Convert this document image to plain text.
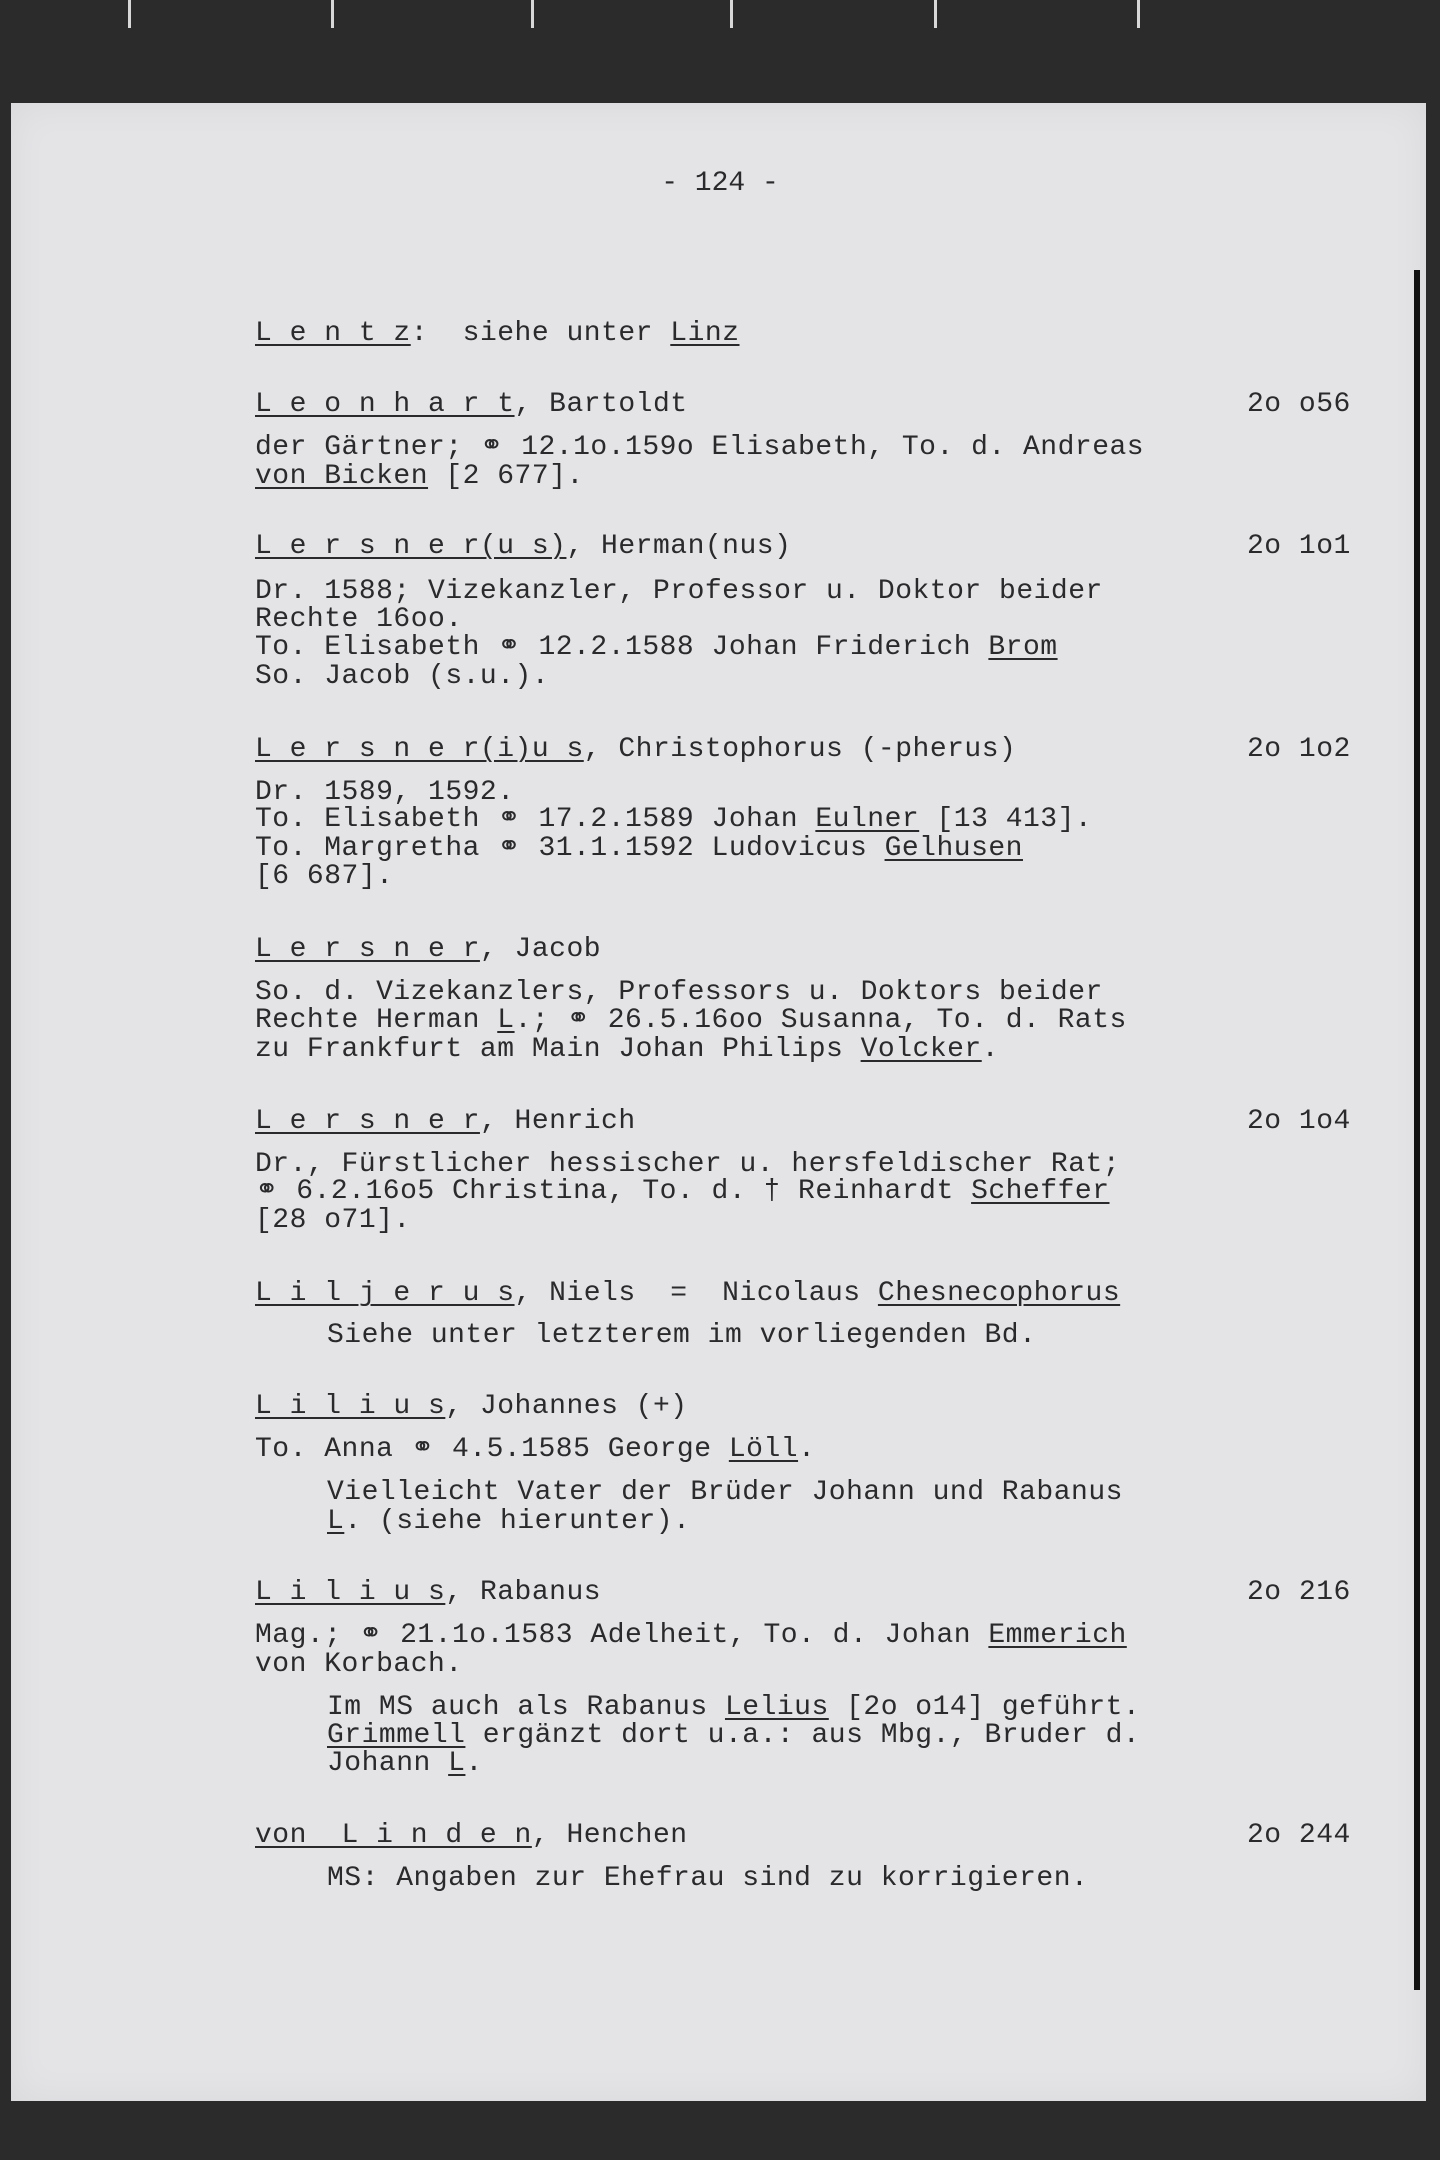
- 124 -
L e n t z:  siehe unter Linz
L e o n h a r t, Bartoldt	2o o56
der Gärtner; ⚭ 12.1o.159o Elisabeth, To. d. Andreas
von Bicken [2 677].
L e r s n e r(u s), Herman(nus)	2o 1o1
Dr. 1588; Vizekanzler, Professor u. Doktor beider
Rechte 16oo.
To. Elisabeth ⚭ 12.2.1588 Johan Friderich Brom
So. Jacob (s.u.).
L e r s n e r(i)u s, Christophorus (-pherus)	2o 1o2
Dr. 1589, 1592.
To. Elisabeth ⚭ 17.2.1589 Johan Eulner [13 413].
To. Margretha ⚭ 31.1.1592 Ludovicus Gelhusen
[6 687].
L e r s n e r, Jacob
So. d. Vizekanzlers, Professors u. Doktors beider
Rechte Herman L.; ⚭ 26.5.16oo Susanna, To. d. Rats
zu Frankfurt am Main Johan Philips Volcker.
L e r s n e r, Henrich	2o 1o4
Dr., Fürstlicher hessischer u. hersfeldischer Rat;
⚭ 6.2.16o5 Christina, To. d. † Reinhardt Scheffer
[28 o71].
L i l j e r u s, Niels  =  Nicolaus Chesnecophorus
Siehe unter letzterem im vorliegenden Bd.
L i l i u s, Johannes (+)
To. Anna ⚭ 4.5.1585 George Löll.
Vielleicht Vater der Brüder Johann und Rabanus
L. (siehe hierunter).
L i l i u s, Rabanus	2o 216
Mag.; ⚭ 21.1o.1583 Adelheit, To. d. Johan Emmerich
von Korbach.
Im MS auch als Rabanus Lelius [2o o14] geführt.
Grimmell ergänzt dort u.a.: aus Mbg., Bruder d.
Johann L.
von  L i n d e n, Henchen	2o 244
MS: Angaben zur Ehefrau sind zu korrigieren.
